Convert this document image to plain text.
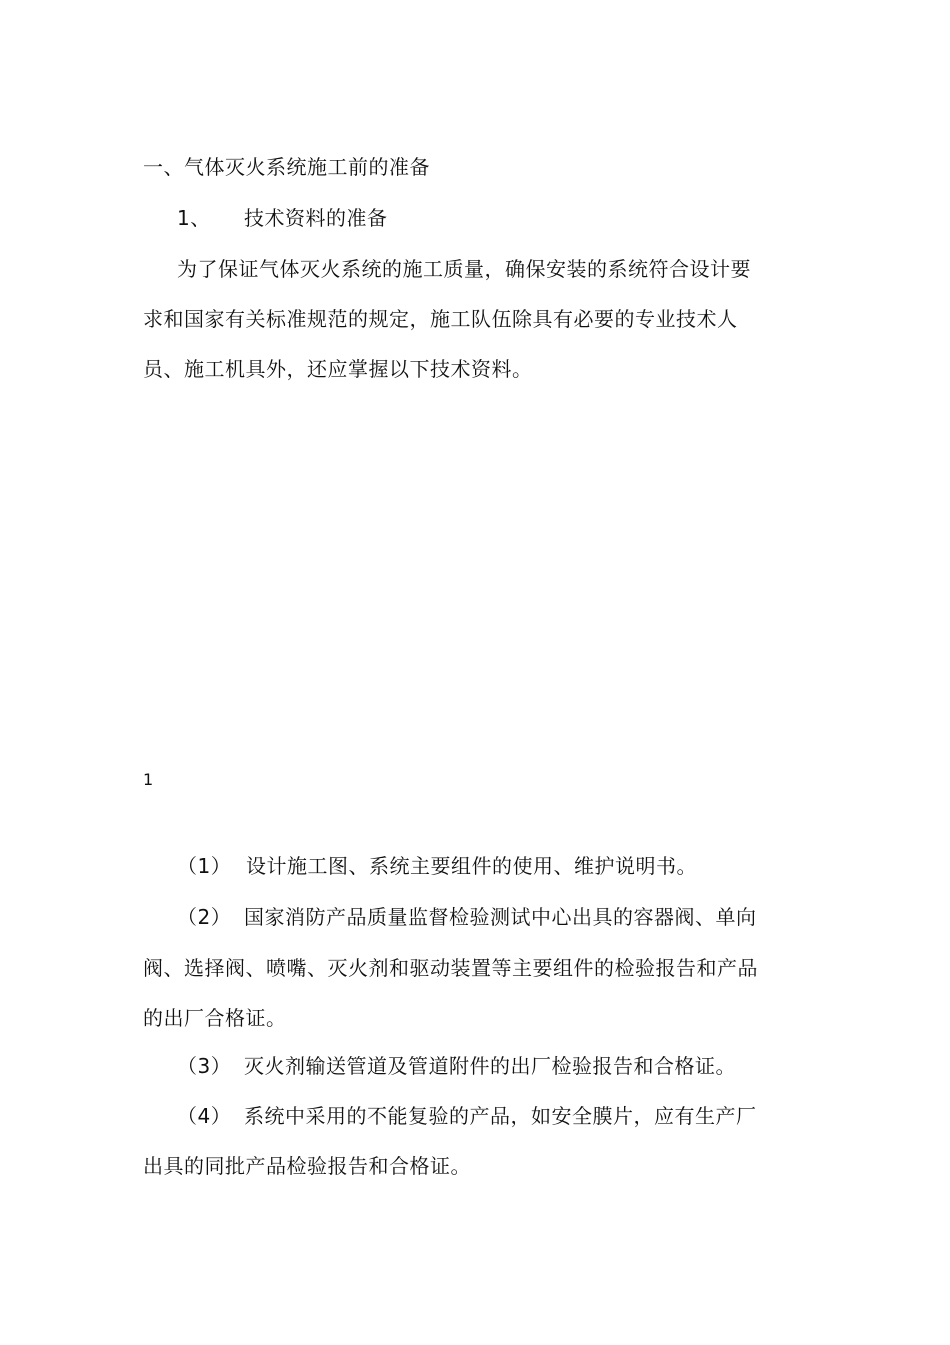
一、气体灭火系统施工前的准备
1、 技术资料的准备
为了保证气体灭火系统的施工质量，确保安装的系统符合设计要
求和国家有关标准规范的规定，施工队伍除具有必要的专业技术人
员、施工机具外，还应掌握以下技术资料。
1
（1） 设计施工图、系统主要组件的使用、维护说明书。
（2） 国家消防产品质量监督检验测试中心出具的容器阀、单向
阀、选择阀、喷嘴、灭火剂和驱动装置等主要组件的检验报告和产品
的出厂合格证。
（3） 灭火剂输送管道及管道附件的出厂检验报告和合格证。
（4） 系统中采用的不能复验的产品，如安全膜片，应有生产厂
出具的同批产品检验报告和合格证。
